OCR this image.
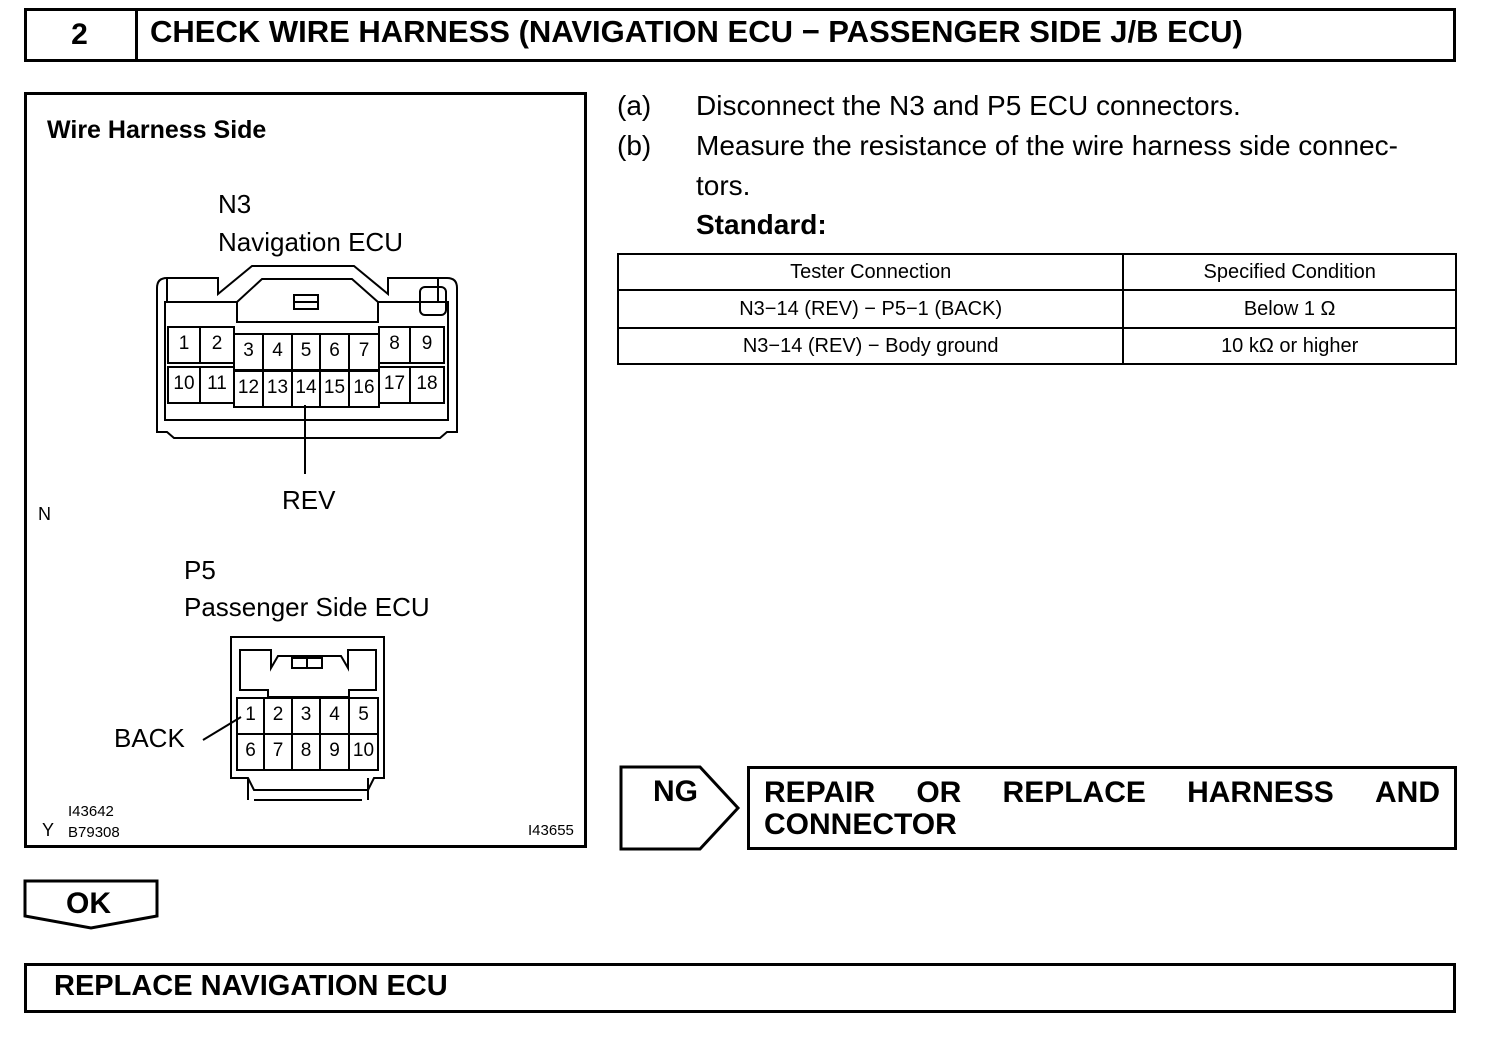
2	CHECK WIRE HARNESS (NAVIGATION ECU − PASSENGER SIDE J/B ECU)
Wire Harness Side
N3
Navigation ECU
1	2	3 4 5 6 7	8	9
10 11 12 13 14 15 16 17 18
1 2 3 4 5
6 7 8 9 10
REV
N
P5
Passenger Side ECU
BACK
I43642
Y B79308	I43655
(a) Disconnect the N3 and P5 ECU connectors.
(b) Measure the resistance of the wire harness side connec-
tors.
Standard:
Tester Connection	Specified Condition
N3−14 (REV) − P5−1 (BACK)	Below 1 Ω
N3−14 (REV) − Body ground	10 kΩ or higher
NG REPAIR OR REPLACE HARNESS AND
CONNECTOR
OK
REPLACE NAVIGATION ECU
